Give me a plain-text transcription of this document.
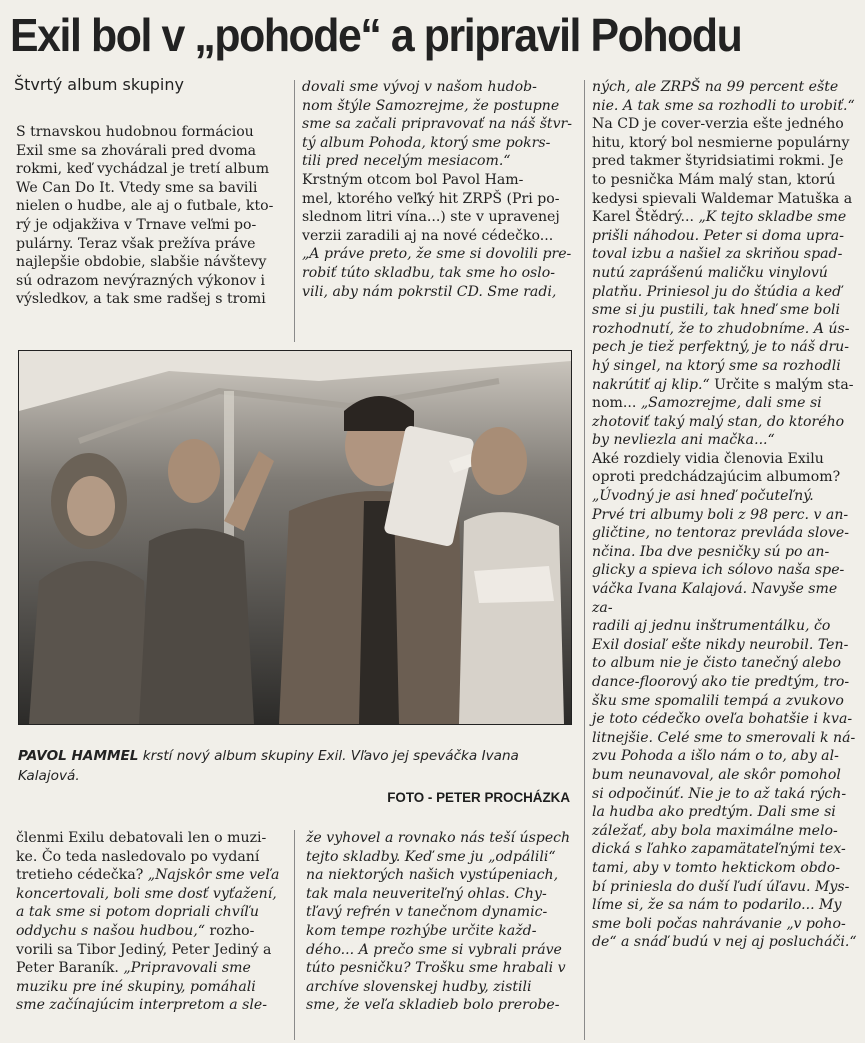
Exil bol v „pohode“ a pripravil Pohodu
Štvrtý album skupiny

S trnavskou hudobnou formáciou
Exil sme sa zhovárali pred dvoma
rokmi, keď vychádzal je tretí album
We Can Do It. Vtedy sme sa bavili
nielen o hudbe, ale aj o futbale, kto-
rý je odjakživa v Trnave veľmi po-
pulárny. Teraz však prežíva práve
najlepšie obdobie, slabšie návštevy
sú odrazom nevýrazných výkonov i
výsledkov, a tak sme radšej s tromi

dovali sme vývoj v našom hudob-
nom štýle Samozrejme, že postupne
sme sa začali pripravovať na náš štvr-
tý album Pohoda, ktorý sme pokrs-
tili pred necelým mesiacom.“

Krstným otcom bol Pavol Ham-
mel, ktorého veľký hit ZRPŠ (Pri po-
slednom litri vína...) ste v upravenej
verzii zaradili aj na nové cédečko...

„A práve preto, že sme si dovolili pre-
robiť túto skladbu, tak sme ho oslo-
vili, aby nám pokrstil CD. Sme radi,

ných, ale ZRPŠ na 99 percent ešte
nie. A tak sme sa rozhodli to urobiť.“

Na CD je cover-verzia ešte jedného
hitu, ktorý bol nesmierne populárny
pred takmer štyridsiatimi rokmi. Je
to pesnička Mám malý stan, ktorú
kedysi spievali Waldemar Matuška a
Karel Štědrý... „K tejto skladbe sme
prišli náhodou. Peter si doma upra-
toval izbu a našiel za skriňou spad-
nutú zaprášenú maličku vinylovú
platňu. Priniesol ju do štúdia a keď
sme si ju pustili, tak hneď sme boli
rozhodnutí, že to zhudobníme. A ús-
pech je tiež perfektný, je to náš dru-
hý singel, na ktorý sme sa rozhodli
nakrútiť aj klip.“ Určite s malým sta-
nom... „Samozrejme, dali sme si
zhotoviť taký malý stan, do ktorého
by nevliezla ani mačka...“

Aké rozdiely vidia členovia Exilu
oproti predchádzajúcim albumom?

„Úvodný je asi hneď počuteľný.
Prvé tri albumy boli z 98 perc. v an-
gličtine, no tentoraz prevláda slove-
nčina. Iba dve pesničky sú po an-
glicky a spieva ich sólovo naša spe-
váčka Ivana Kalajová. Navyše sme za-
radili aj jednu inštrumentálku, čo
Exil dosiaľ ešte nikdy neurobil. Ten-
to album nie je čisto tanečný alebo
dance-floorový ako tie predtým, tro-
šku sme spomalili tempá a zvukovo
je toto cédečko oveľa bohatšie i kva-
litnejšie. Celé sme to smerovali k ná-
zvu Pohoda a išlo nám o to, aby al-
bum neunavoval, ale skôr pomohol
si odpočinúť. Nie je to až taká rých-
la hudba ako predtým. Dali sme si
záležať, aby bola maximálne melo-
dická s ľahko zapamätateľnými tex-
tami, aby v tomto hektickom obdo-
bí priniesla do duší ľudí úľavu. Mys-
líme si, že sa nám to podarilo... My
sme boli počas nahrávanie „v poho-
de“ a snáď budú v nej aj poslucháči.“

PAVOL HAMMEL krstí nový album skupiny Exil. Vľavo jej speváčka Ivana Kalajová.
FOTO - PETER PROCHÁZKA

členmi Exilu debatovali len o muzi-
ke. Čo teda nasledovalo po vydaní
tretieho cédečka? „Najskôr sme veľa
koncertovali, boli sme dosť vyťažení,
a tak sme si potom dopriali chvíľu
oddychu s našou hudbou,“ rozho-
vorili sa Tibor Jediný, Peter Jediný a
Peter Baraník. „Pripravovali sme
muziku pre iné skupiny, pomáhali
sme začínajúcim interpretom a sle-

že vyhovel a rovnako nás teší úspech
tejto skladby. Keď sme ju „odpálili“
na niektorých našich vystúpeniach,
tak mala neuveriteľný ohlas. Chy-
tľavý refrén v tanečnom dynamic-
kom tempe rozhýbe určite každ-
dého... A prečo sme si vybrali práve
túto pesničku? Trošku sme hrabali v
archíve slovenskej hudby, zistili
sme, že veľa skladieb bolo prerobe-
